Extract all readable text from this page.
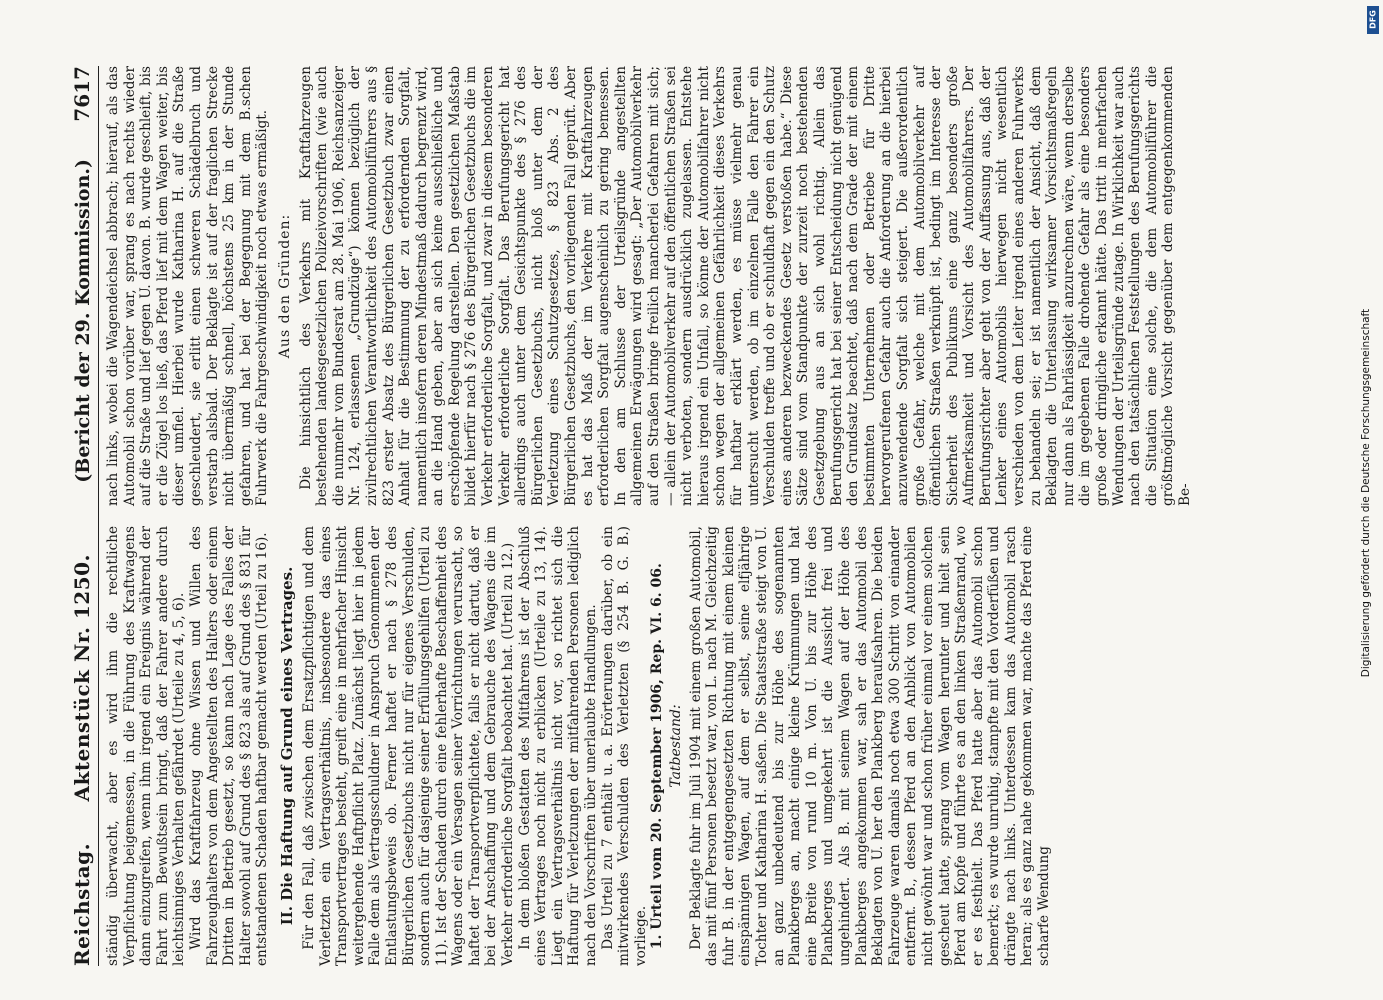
Reichstag. Aktenstück Nr. 1250.
(Bericht der 29. Kommission.)
7617

ständig überwacht, aber es wird ihm die rechtliche Verpflichtung beigemessen, in die Führung des Kraftwagens dann einzugreifen, wenn ihm irgend ein Ereignis während der Fahrt zum Bewußtsein bringt, daß der Fahrer andere durch leichtsinniges Verhalten gefährdet (Urteile zu 4, 5, 6). Wird das Kraftfahrzeug ohne Wissen und Willen des Fahrzeughalters von dem Angestellten des Halters oder einem Dritten in Betrieb gesetzt, so kann nach Lage des Falles der Halter sowohl auf Grund des § 823 als auf Grund des § 831 für entstandenen Schaden haftbar gemacht werden (Urteil zu 16). II. Die Haftung auf Grund eines Vertrages. Für den Fall, daß zwischen dem Ersatzpflichtigen und dem Verletzten ein Vertragsverhältnis, insbesondere das eines Transportvertrages besteht, greift eine in mehrfacher Hinsicht weitergehende Haftpflicht Platz. Zunächst liegt hier in jedem Falle dem als Vertragsschuldner in Anspruch Genommenen der Entlastungsbeweis ob. Ferner haftet er nach § 278 des Bürgerlichen Gesetzbuchs nicht nur für eigenes Verschulden, sondern auch für dasjenige seiner Erfüllungsgehilfen (Urteil zu 11). Ist der Schaden durch eine fehlerhafte Beschaffenheit des Wagens oder ein Versagen seiner Vorrichtungen verursacht, so haftet der Transportverpflichtete, falls er nicht dartut, daß er bei der Anschaffung und dem Gebrauche des Wagens die im Verkehr erforderliche Sorgfalt beobachtet hat. (Urteil zu 12.) In dem bloßen Gestatten des Mitfahrens ist der Abschluß eines Vertrages noch nicht zu erblicken (Urteile zu 13, 14). Liegt ein Vertragsverhältnis nicht vor, so richtet sich die Haftung für Verletzungen der mitfahrenden Personen lediglich nach den Vorschriften über unerlaubte Handlungen. Das Urteil zu 7 enthält u. a. Erörterungen darüber, ob ein mitwirkendes Verschulden des Verletzten (§ 254 B. G. B.) vorliege. 1. Urteil vom 20. September 1906, Rep. VI. 6. 06. Tatbestand: Der Beklagte fuhr im Juli 1904 mit einem großen Automobil, das mit fünf Personen besetzt war, von L. nach M. Gleichzeitig fuhr B. in der entgegengesetzten Richtung mit einem kleinen einspännigen Wagen, auf dem er selbst, seine elfjährige Tochter und Katharina H. saßen. Die Staatsstraße steigt von U. an ganz unbedeutend bis zur Höhe des sogenannten Plankberges an, macht einige kleine Krümmungen und hat eine Breite von rund 10 m. Von U. bis zur Höhe des Plankberges und umgekehrt ist die Aussicht frei und ungehindert. Als B. mit seinem Wagen auf der Höhe des Plankberges angekommen war, sah er das Automobil des Beklagten von U. her den Plankberg heraufsahren. Die beiden Fahrzeuge waren damals noch etwa 300 Schritt von einander entfernt. B., dessen Pferd an den Anblick von Automobilen nicht gewöhnt war und schon früher einmal vor einem solchen gescheut hatte, sprang vom Wagen herunter und hielt sein Pferd am Kopfe und führte es an den linken Straßenrand, wo er es festhielt. Das Pferd hatte aber das Automobil schon bemerkt; es wurde unruhig, stampfte mit den Vorderfüßen und drängte nach links. Unterdessen kam das Automobil rasch heran; als es ganz nahe gekommen war, machte das Pferd eine scharfe Wendung

nach links, wobei die Wagendeichsel abbrach; hierauf, als das Automobil schon vorüber war, sprang es nach rechts wieder auf die Straße und lief gegen U. davon. B. wurde geschleift, bis er die Zügel los ließ, das Pferd lief mit dem Wagen weiter, bis dieser umfiel. Hierbei wurde Katharina H. auf die Straße geschleudert, sie erlitt einen schweren Schädelbruch und verstarb alsbald. Der Beklagte ist auf der fraglichen Strecke nicht übermäßig schnell, höchstens 25 km in der Stunde gefahren, und hat bei der Begegnung mit dem B.schen Fuhrwerk die Fahrgeschwindigkeit noch etwas ermäßigt. Aus den Gründen: Die hinsichtlich des Verkehrs mit Kraftfahrzeugen bestehenden landesgesetzlichen Polizeivorschriften (wie auch die nunmehr vom Bundesrat am 28. Mai 1906, Reichsanzeiger Nr. 124, erlassenen „Grundzüge“) können bezüglich der zivilrechtlichen Verantwortlichkeit des Automobilführers aus § 823 erster Absatz des Bürgerlichen Gesetzbuch zwar einen Anhalt für die Bestimmung der zu erfordernden Sorgfalt, namentlich insofern deren Mindestmaß dadurch begrenzt wird, an die Hand geben, aber an sich keine ausschließliche und erschöpfende Regelung darstellen. Den gesetzlichen Maßstab bildet hierfür nach § 276 des Bürgerlichen Gesetzbuchs die im Verkehr erforderliche Sorgfalt, und zwar in diesem besonderen Verkehr erforderliche Sorgfalt. Das Berufungsgericht hat allerdings auch unter dem Gesichtspunkte des § 276 des Bürgerlichen Gesetzbuchs, nicht bloß unter dem der Verletzung eines Schutzgesetzes, § 823 Abs. 2 des Bürgerlichen Gesetzbuchs, den vorliegenden Fall geprüft. Aber es hat das Maß der im Verkehre mit Kraftfahrzeugen erforderlichen Sorgfalt augenscheinlich zu gering bemessen. In den am Schlusse der Urteilsgründe angestellten allgemeinen Erwägungen wird gesagt: „Der Automobilverkehr auf den Straßen bringe freilich mancherlei Gefahren mit sich; — allein der Automobilverkehr auf den öffentlichen Straßen sei nicht verboten, sondern ausdrücklich zugelassen. Entstehe hieraus irgend ein Unfall, so könne der Automobilfahrer nicht schon wegen der allgemeinen Gefährlichkeit dieses Verkehrs für haftbar erklärt werden, es müsse vielmehr genau untersucht werden, ob im einzelnen Falle den Fahrer ein Verschulden treffe und ob er schuldhaft gegen ein den Schutz eines anderen bezweckendes Gesetz verstoßen habe.“ Diese Sätze sind vom Standpunkte der zurzeit noch bestehenden Gesetzgebung aus an sich wohl richtig. Allein das Berufungsgericht hat bei seiner Entscheidung nicht genügend den Grundsatz beachtet, daß nach dem Grade der mit einem bestimmten Unternehmen oder Betriebe für Dritte hervorgerufenen Gefahr auch die Anforderung an die hierbei anzuwendende Sorgfalt sich steigert. Die außerordentlich große Gefahr, welche mit dem Automobilverkehr auf öffentlichen Straßen verknüpft ist, bedingt im Interesse der Sicherheit des Publikums eine ganz besonders große Aufmerksamkeit und Vorsicht des Automobilfahrers. Der Berufungsrichter aber geht von der Auffassung aus, daß der Lenker eines Automobils hierwegen nicht wesentlich verschieden von dem Leiter irgend eines anderen Fuhrwerks zu behandeln sei; er ist namentlich der Ansicht, daß dem Beklagten die Unterlassung wirksamer Vorsichtsmaßregeln nur dann als Fahrlässigkeit anzurechnen wäre, wenn derselbe die im gegebenen Falle drohende Gefahr als eine besonders große oder dringliche erkannt hätte. Das tritt in mehrfachen Wendungen der Urteilsgründe zutage. In Wirklichkeit war auch nach den tatsächlichen Feststellungen des Berufungsgerichts die Situation eine solche, die dem Automobilführer die größtmögliche Vorsicht gegenüber dem entgegenkommenden Be-	Digitalisierung gefördert durch die Deutsche Forschungsgemeinschaft
DFG
